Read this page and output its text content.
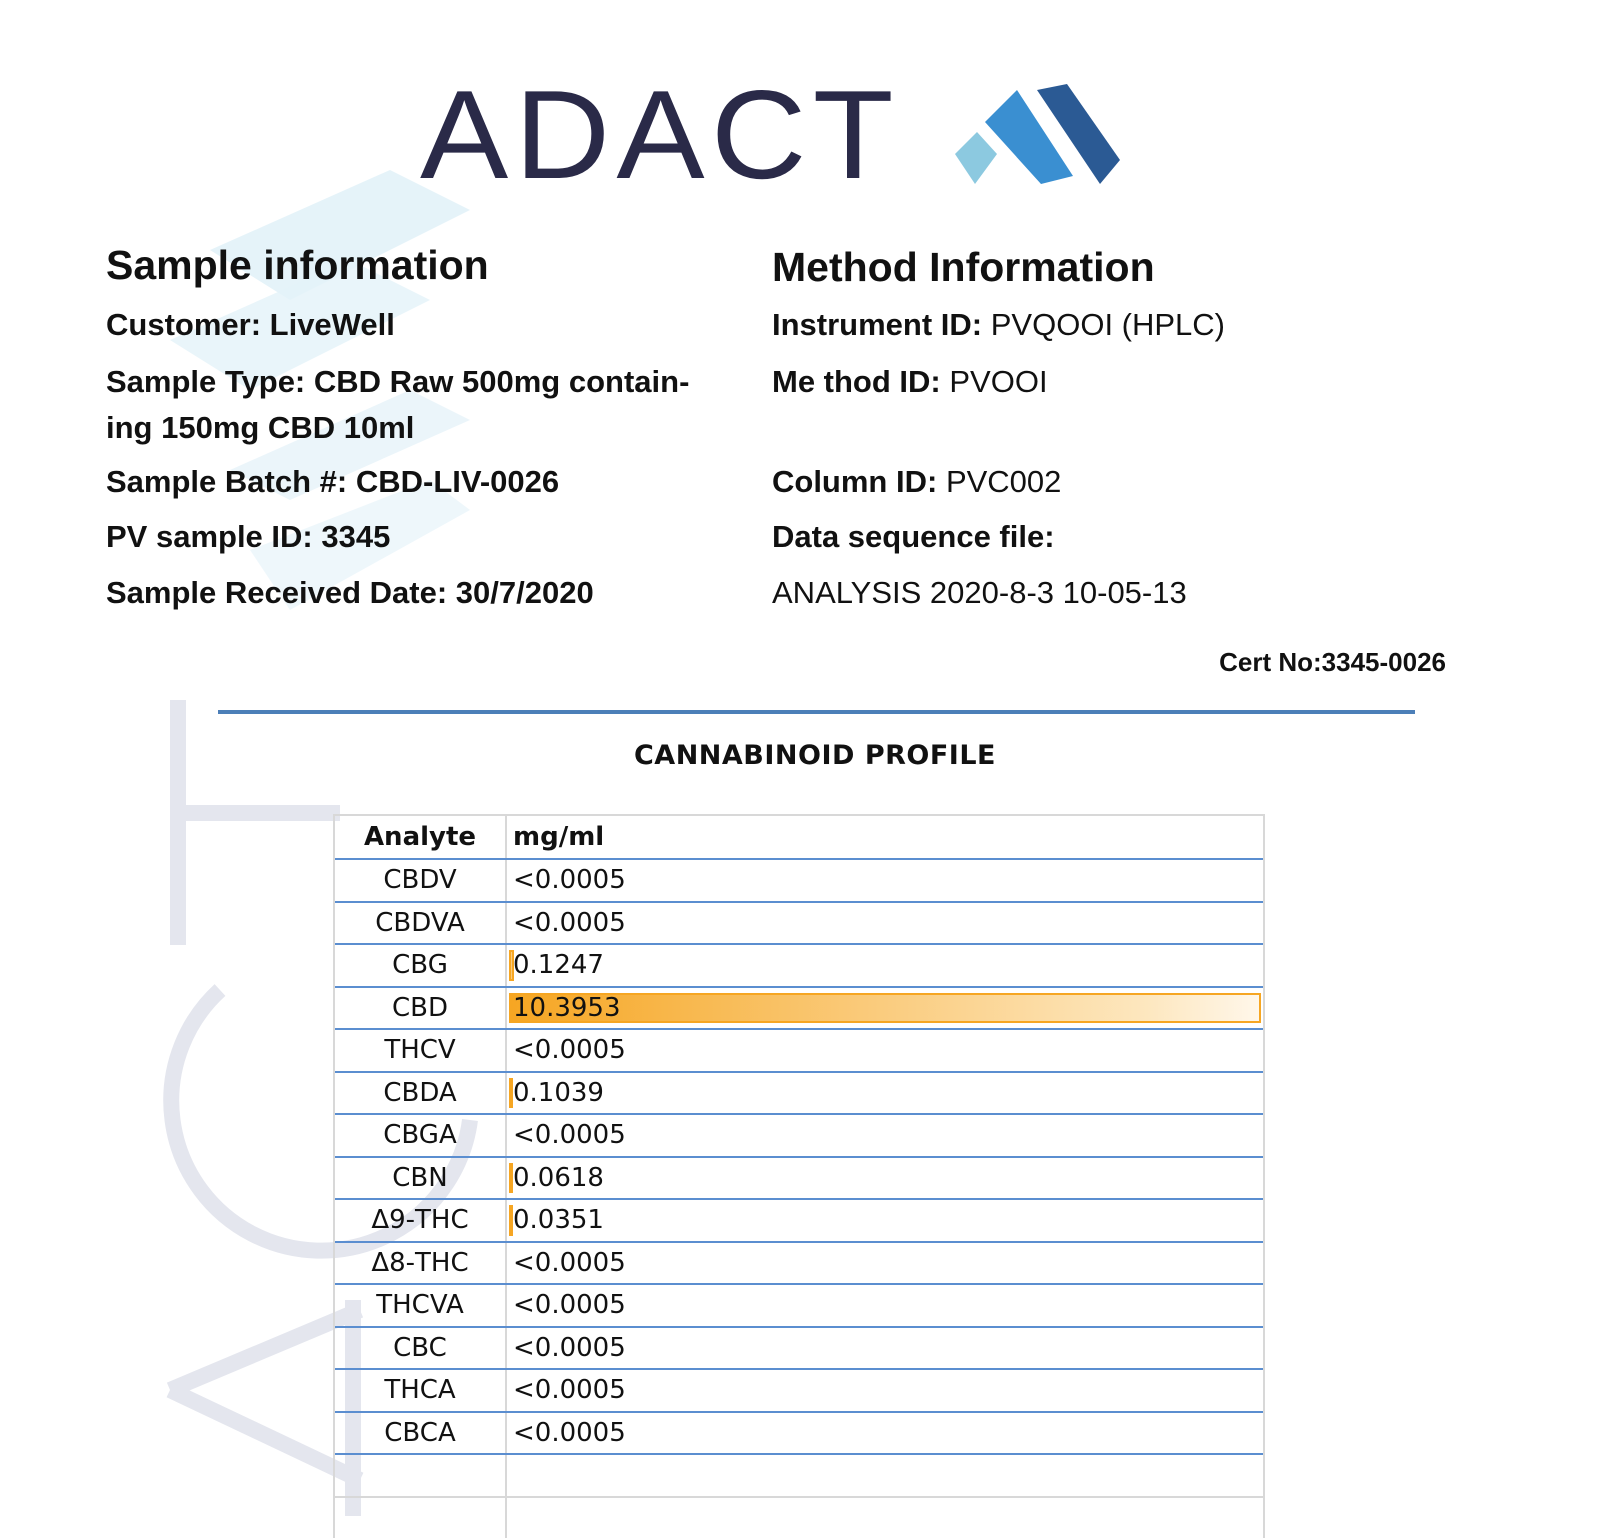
ADACT
Sample information
Customer: LiveWell
Sample Type: CBD Raw 500mg contain-
ing 150mg CBD 10ml
Sample Batch #: CBD-LIV-0026
PV sample ID: 3345
Sample Received Date: 30/7/2020
Method Information
Instrument ID: PVQOOI (HPLC)
Me thod ID: PVOOI
Column ID: PVC002
Data sequence file:
ANALYSIS 2020-8-3 10-05-13
Cert No:3345-0026
CANNABINOID PROFILE
Analyte	mg/ml
CBDV	<0.0005
CBDVA	<0.0005
CBG	0.1247
CBD	10.3953
THCV	<0.0005
CBDA	0.1039
CBGA	<0.0005
CBN	0.0618
Δ9-THC	0.0351
Δ8-THC	<0.0005
THCVA	<0.0005
CBC	<0.0005
THCA	<0.0005
CBCA	<0.0005
